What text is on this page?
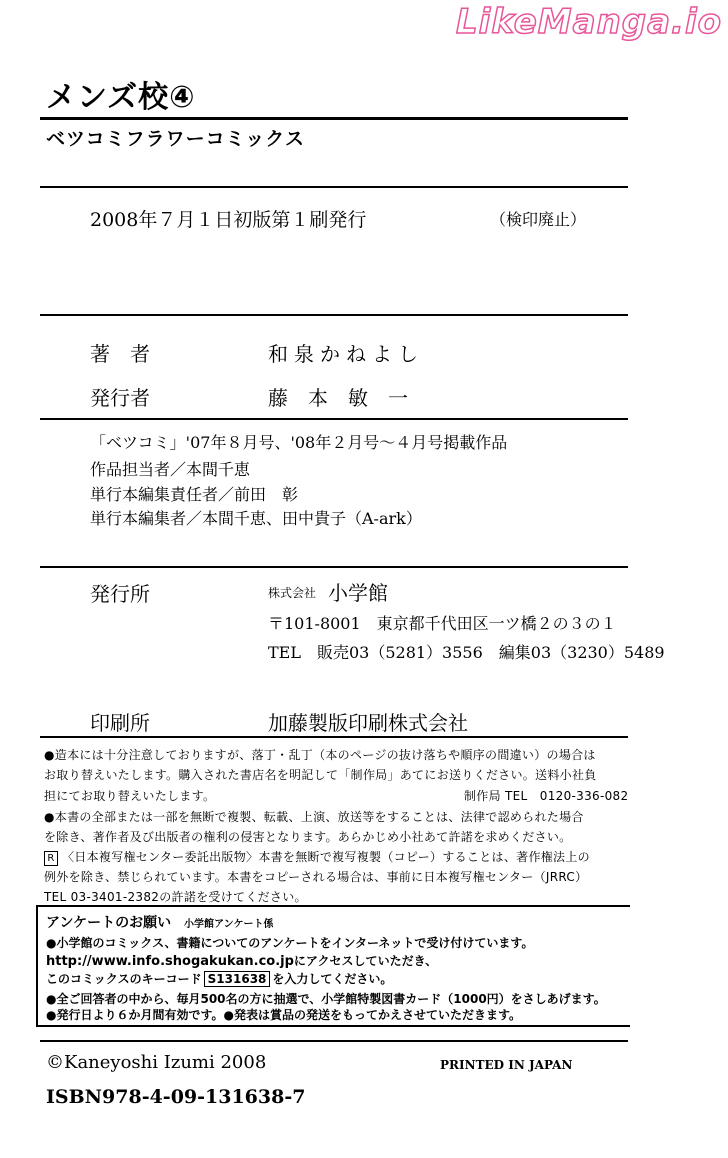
LikeManga.io
メンズ校④
ベツコミフラワーコミックス
2008年７月１日初版第１刷発行	（検印廃止）
著　者	和泉かねよし
発行者	藤　本　敏　一
「ベツコミ」'07年８月号、'08年２月号～４月号掲載作品
作品担当者／本間千恵
単行本編集責任者／前田　彰
単行本編集者／本間千恵、田中貴子（A-ark）
発行所	株式会社 小学館
〒101-8001　東京都千代田区一ツ橋２の３の１
TEL　販売03（5281）3556　編集03（3230）5489
印刷所	加藤製版印刷株式会社
●造本には十分注意しておりますが、落丁・乱丁（本のページの抜け落ちや順序の間違い）の場合は
お取り替えいたします。購入された書店名を明記して「制作局」あてにお送りください。送料小社負
担にてお取り替えいたします。	制作局 TEL　0120-336-082
●本書の全部または一部を無断で複製、転載、上演、放送等をすることは、法律で認められた場合
を除き、著作者及び出版者の権利の侵害となります。あらかじめ小社あて許諾を求めください。
R 〈日本複写権センター委託出版物〉本書を無断で複写複製（コピー）することは、著作権法上の
例外を除き、禁じられています。本書をコピーされる場合は、事前に日本複写権センター（JRRC）
TEL 03-3401-2382の許諾を受けてください。
アンケートのお願い 小学館アンケート係
●小学館のコミックス、書籍についてのアンケートをインターネットで受け付けています。
http://www.info.shogakukan.co.jpにアクセスしていただき、
このコミックスのキーコード S131638 を入力してください。
●全ご回答者の中から、毎月500名の方に抽選で、小学館特製図書カード（1000円）をさしあげます。
●発行日より６か月間有効です。●発表は賞品の発送をもってかえさせていただきます。
©Kaneyoshi Izumi 2008	PRINTED IN JAPAN
ISBN978-4-09-131638-7
